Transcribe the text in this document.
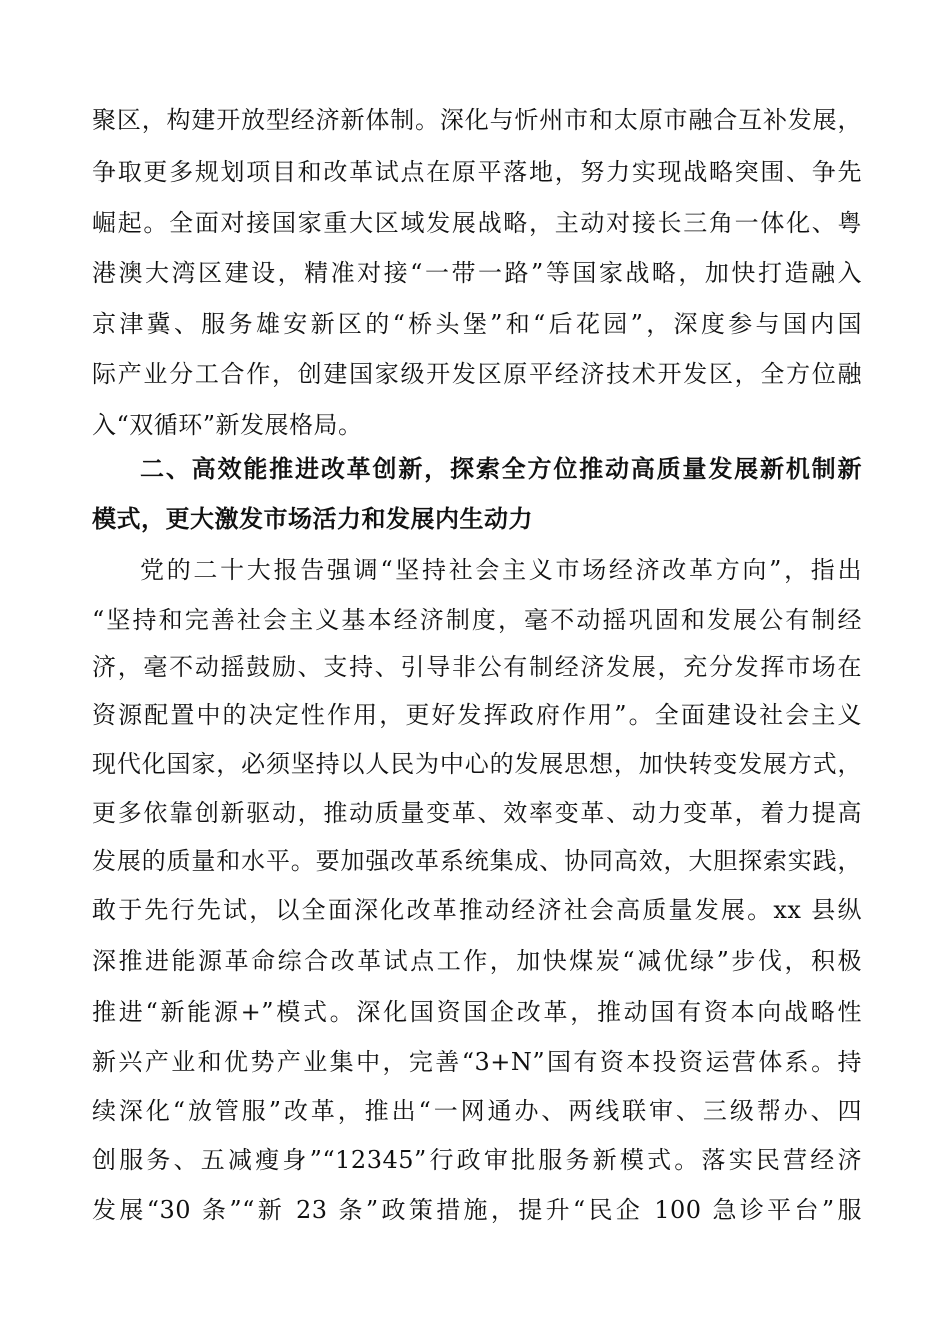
聚区，构建开放型经济新体制。深化与忻州市和太原市融合互补发展，
争取更多规划项目和改革试点在原平落地，努力实现战略突围、争先
崛起。全面对接国家重大区域发展战略，主动对接长三角一体化、粤
港澳大湾区建设，精准对接“一带一路”等国家战略，加快打造融入
京津冀、服务雄安新区的“桥头堡”和“后花园”，深度参与国内国
际产业分工合作，创建国家级开发区原平经济技术开发区，全方位融
入“双循环”新发展格局。
二、高效能推进改革创新，探索全方位推动高质量发展新机制新
模式，更大激发市场活力和发展内生动力
党的二十大报告强调“坚持社会主义市场经济改革方向”，指出
“坚持和完善社会主义基本经济制度，毫不动摇巩固和发展公有制经
济，毫不动摇鼓励、支持、引导非公有制经济发展，充分发挥市场在
资源配置中的决定性作用，更好发挥政府作用”。全面建设社会主义
现代化国家，必须坚持以人民为中心的发展思想，加快转变发展方式，
更多依靠创新驱动，推动质量变革、效率变革、动力变革，着力提高
发展的质量和水平。要加强改革系统集成、协同高效，大胆探索实践，
敢于先行先试，以全面深化改革推动经济社会高质量发展。xx 县纵
深推进能源革命综合改革试点工作，加快煤炭“减优绿”步伐，积极
推进“新能源+”模式。深化国资国企改革，推动国有资本向战略性
新兴产业和优势产业集中，完善“3+N”国有资本投资运营体系。持
续深化“放管服”改革，推出“一网通办、两线联审、三级帮办、四
创服务、五减瘦身”“12345”行政审批服务新模式。落实民营经济
发展“30 条”“新 23 条”政策措施，提升“民企 100 急诊平台”服
